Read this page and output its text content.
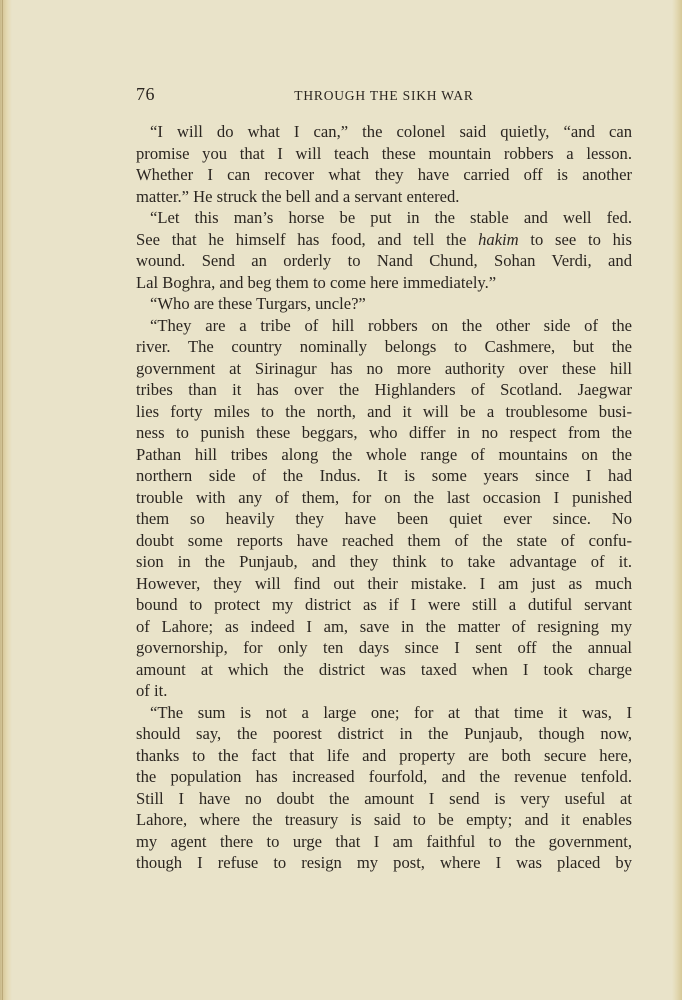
76	THROUGH THE SIKH WAR
“I will do what I can,” the colonel said quietly, “and can
promise you that I will teach these mountain robbers a lesson.
Whether I can recover what they have carried off is another
matter.” He struck the bell and a servant entered.
“Let this man’s horse be put in the stable and well fed.
See that he himself has food, and tell the hakim to see to his
wound. Send an orderly to Nand Chund, Sohan Verdi, and
Lal Boghra, and beg them to come here immediately.”
“Who are these Turgars, uncle?”
“They are a tribe of hill robbers on the other side of the
river. The country nominally belongs to Cashmere, but the
government at Sirinagur has no more authority over these hill
tribes than it has over the Highlanders of Scotland. Jaegwar
lies forty miles to the north, and it will be a troublesome busi-
ness to punish these beggars, who differ in no respect from the
Pathan hill tribes along the whole range of mountains on the
northern side of the Indus. It is some years since I had
trouble with any of them, for on the last occasion I punished
them so heavily they have been quiet ever since. No
doubt some reports have reached them of the state of confu-
sion in the Punjaub, and they think to take advantage of it.
However, they will find out their mistake. I am just as much
bound to protect my district as if I were still a dutiful servant
of Lahore; as indeed I am, save in the matter of resigning my
governorship, for only ten days since I sent off the annual
amount at which the district was taxed when I took charge
of it.
“The sum is not a large one; for at that time it was, I
should say, the poorest district in the Punjaub, though now,
thanks to the fact that life and property are both secure here,
the population has increased fourfold, and the revenue tenfold.
Still I have no doubt the amount I send is very useful at
Lahore, where the treasury is said to be empty; and it enables
my agent there to urge that I am faithful to the government,
though I refuse to resign my post, where I was placed by
